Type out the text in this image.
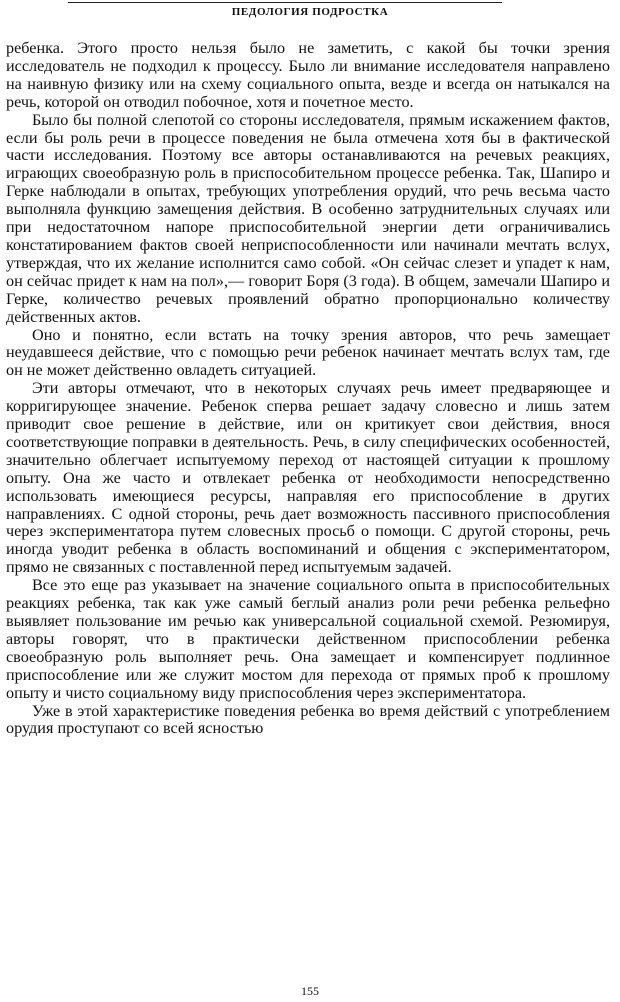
ПЕДОЛОГИЯ ПОДРОСТКА

ребенка. Этого просто нельзя было не заметить, с какой бы точки зрения исследователь не подходил к процессу. Было ли внимание исследователя направлено на наивную физику или на схему социального опыта, везде и всегда он натыкался на речь, которой он отводил побочное, хотя и почетное место.

Было бы полной слепотой со стороны исследователя, прямым искажением фактов, если бы роль речи в процессе поведения не была отмечена хотя бы в фактической части исследования. Поэтому все авторы останавливаются на речевых реакциях, играющих своеобразную роль в приспособительном процессе ребенка. Так, Шапиро и Герке наблюдали в опытах, требующих употребления орудий, что речь весьма часто выполняла функцию замещения действия. В особенно затруднительных случаях или при недостаточном напоре приспособительной энергии дети ограничивались констатированием фактов своей неприспособленности или начинали мечтать вслух, утверждая, что их желание исполнится само собой. «Он сейчас слезет и упадет к нам, он сейчас придет к нам на пол»,— говорит Боря (3 года). В общем, замечали Шапиро и Герке, количество речевых проявлений обратно пропорционально количеству действенных актов.

Оно и понятно, если встать на точку зрения авторов, что речь замещает неудавшееся действие, что с помощью речи ребенок начинает мечтать вслух там, где он не может действенно овладеть ситуацией.

Эти авторы отмечают, что в некоторых случаях речь имеет предваряющее и корригирующее значение. Ребенок сперва решает задачу словесно и лишь затем приводит свое решение в действие, или он критикует свои действия, внося соответствующие поправки в деятельность. Речь, в силу специфических особенностей, значительно облегчает испытуемому переход от настоящей ситуации к прошлому опыту. Она же часто и отвлекает ребенка от необходимости непосредственно использовать имеющиеся ресурсы, направляя его приспособление в других направлениях. С одной стороны, речь дает возможность пассивного приспособления через экспериментатора путем словесных просьб о помощи. С другой стороны, речь иногда уводит ребенка в область воспоминаний и общения с экспериментатором, прямо не связанных с поставленной перед испытуемым задачей.

Все это еще раз указывает на значение социального опыта в приспособительных реакциях ребенка, так как уже самый беглый анализ роли речи ребенка рельефно выявляет пользование им речью как универсальной социальной схемой. Резюмируя, авторы говорят, что в практически действенном приспособлении ребенка своеобразную роль выполняет речь. Она замещает и компенсирует подлинное приспособление или же служит мостом для перехода от прямых проб к прошлому опыту и чисто социальному виду приспособления через экспериментатора.

Уже в этой характеристике поведения ребенка во время действий с употреблением орудия проступают со всей ясностью

155
